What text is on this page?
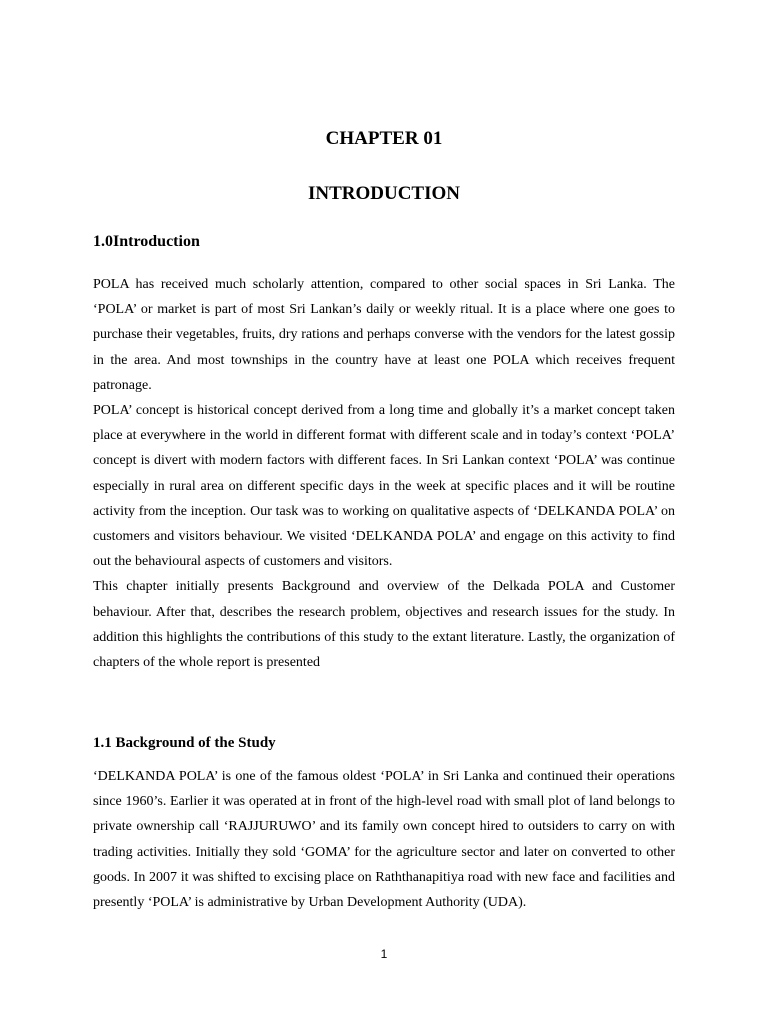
CHAPTER 01
INTRODUCTION
1.0Introduction

POLA has received much scholarly attention, compared to other social spaces in Sri Lanka. The ‘POLA’ or market is part of most Sri Lankan’s daily or weekly ritual. It is a place where one goes to purchase their vegetables, fruits, dry rations and perhaps converse with the vendors for the latest gossip in the area. And most townships in the country have at least one POLA which receives frequent patronage.

POLA’ concept is historical concept derived from a long time and globally it’s a market concept taken place at everywhere in the world in different format with different scale and in today’s context ‘POLA’ concept is divert with modern factors with different faces. In Sri Lankan context ‘POLA’ was continue especially in rural area on different specific days in the week at specific places and it will be routine activity from the inception. Our task was to working on qualitative aspects of ‘DELKANDA POLA’ on customers and visitors behaviour. We visited ‘DELKANDA POLA’ and engage on this activity to find out the behavioural aspects of customers and visitors.

This chapter initially presents Background and overview of the Delkada POLA and Customer behaviour. After that, describes the research problem, objectives and research issues for the study. In addition this highlights the contributions of this study to the extant literature. Lastly, the organization of chapters of the whole report is presented

1.1 Background of the Study

‘DELKANDA POLA’ is one of the famous oldest ‘POLA’ in Sri Lanka and continued their operations since 1960’s. Earlier it was operated at in front of the high-level road with small plot of land belongs to private ownership call ‘RAJJURUWO’ and its family own concept hired to outsiders to carry on with trading activities. Initially they sold ‘GOMA’ for the agriculture sector and later on converted to other goods. In 2007 it was shifted to excising place on Raththanapitiya road with new face and facilities and presently ‘POLA’ is administrative by Urban Development Authority (UDA).

1
